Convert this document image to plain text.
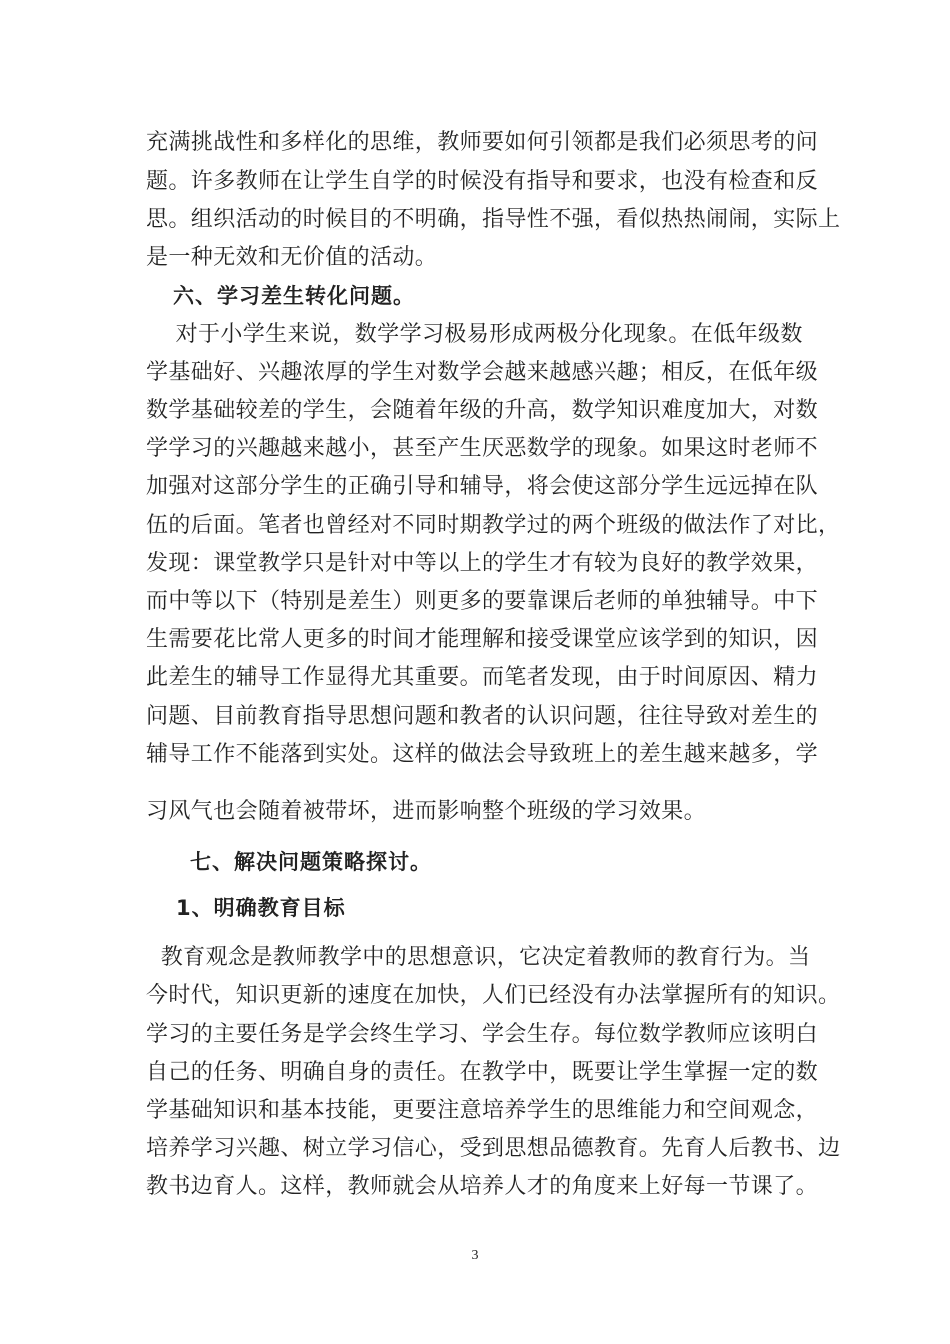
充满挑战性和多样化的思维，教师要如何引领都是我们必须思考的问
题。许多教师在让学生自学的时候没有指导和要求，也没有检查和反
思。组织活动的时候目的不明确，指导性不强，看似热热闹闹，实际上
是一种无效和无价值的活动。
六、学习差生转化问题。
对于小学生来说，数学学习极易形成两极分化现象。在低年级数
学基础好、兴趣浓厚的学生对数学会越来越感兴趣；相反，在低年级
数学基础较差的学生，会随着年级的升高，数学知识难度加大，对数
学学习的兴趣越来越小，甚至产生厌恶数学的现象。如果这时老师不
加强对这部分学生的正确引导和辅导，将会使这部分学生远远掉在队
伍的后面。笔者也曾经对不同时期教学过的两个班级的做法作了对比，
发现：课堂教学只是针对中等以上的学生才有较为良好的教学效果，
而中等以下（特别是差生）则更多的要靠课后老师的单独辅导。中下
生需要花比常人更多的时间才能理解和接受课堂应该学到的知识，因
此差生的辅导工作显得尤其重要。而笔者发现，由于时间原因、精力
问题、目前教育指导思想问题和教者的认识问题，往往导致对差生的
辅导工作不能落到实处。这样的做法会导致班上的差生越来越多，学
习风气也会随着被带坏，进而影响整个班级的学习效果。
七、解决问题策略探讨。
1、明确教育目标
教育观念是教师教学中的思想意识，它决定着教师的教育行为。当
今时代，知识更新的速度在加快，人们已经没有办法掌握所有的知识。
学习的主要任务是学会终生学习、学会生存。每位数学教师应该明白
自己的任务、明确自身的责任。在教学中，既要让学生掌握一定的数
学基础知识和基本技能，更要注意培养学生的思维能力和空间观念，
培养学习兴趣、树立学习信心，受到思想品德教育。先育人后教书、边
教书边育人。这样，教师就会从培养人才的角度来上好每一节课了。
3
